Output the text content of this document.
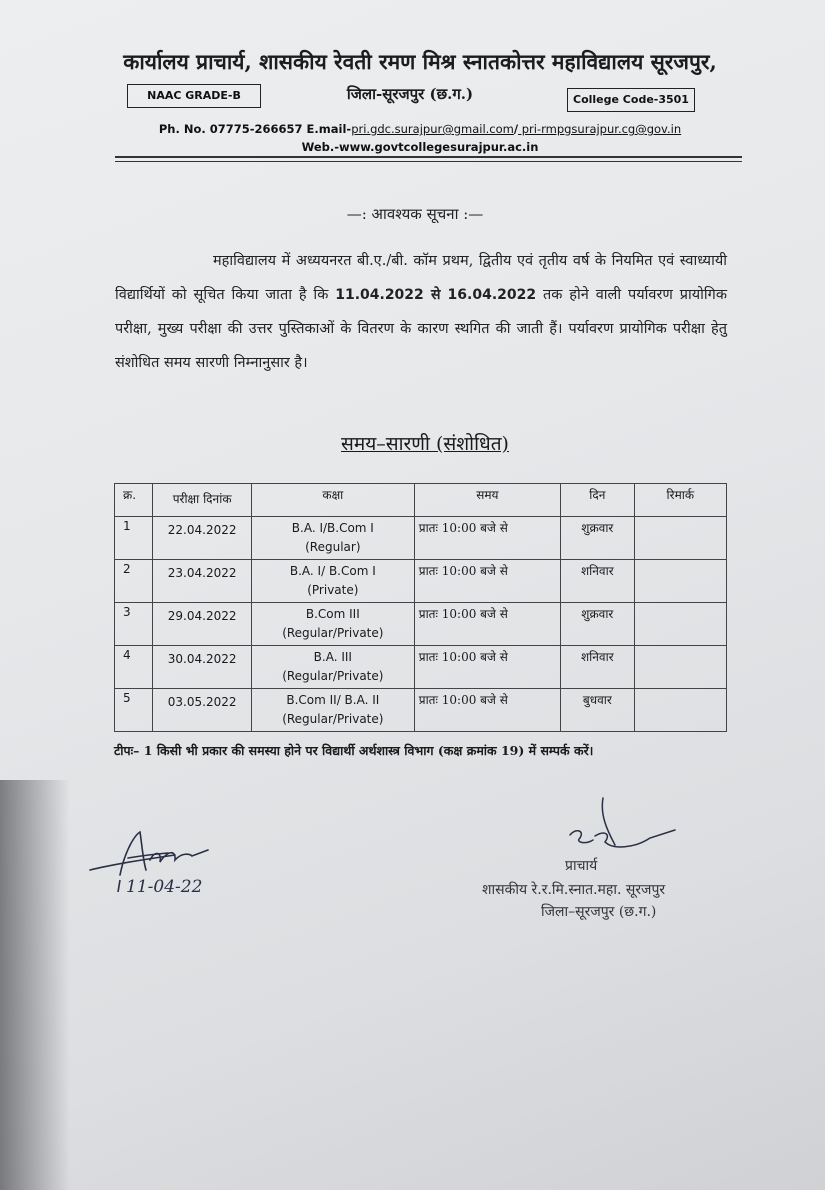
कार्यालय प्राचार्य, शासकीय रेवती रमण मिश्र स्नातकोत्तर महाविद्यालय सूरजपुर,
NAAC GRADE-B	जिला-सूरजपुर (छ.ग.)	College Code-3501
Ph. No. 07775-266657 E.mail-pri.gdc.surajpur@gmail.com/ pri-rmpgsurajpur.cg@gov.in
Web.-www.govtcollegesurajpur.ac.in
—: आवश्यक सूचना :—
महाविद्यालय में अध्ययनरत बी.ए./बी. कॉम प्रथम, द्वितीय एवं तृतीय वर्ष के नियमित एवं स्वाध्यायी विद्यार्थियों को सूचित किया जाता है कि 11.04.2022 से 16.04.2022 तक होने वाली पर्यावरण प्रायोगिक परीक्षा, मुख्य परीक्षा की उत्तर पुस्तिकाओं के वितरण के कारण स्थगित की जाती हैं। पर्यावरण प्रायोगिक परीक्षा हेतु संशोधित समय सारणी निम्नानुसार है।
समय–सारणी (संशोधित)
क्र.	परीक्षा दिनांक	कक्षा	समय	दिन	रिमार्क
1	22.04.2022	B.A. I/B.Com I
(Regular)	प्रातः 10:00 बजे से	शुक्रवार	
2	23.04.2022	B.A. I/ B.Com I
(Private)	प्रातः 10:00 बजे से	शनिवार	
3	29.04.2022	B.Com III
(Regular/Private)	प्रातः 10:00 बजे से	शुक्रवार	
4	30.04.2022	B.A. III
(Regular/Private)	प्रातः 10:00 बजे से	शनिवार	
5	03.05.2022	B.Com II/ B.A. II
(Regular/Private)	प्रातः 10:00 बजे से	बुधवार	
टीपः– 1 किसी भी प्रकार की समस्या होने पर विद्यार्थी अर्थशास्त्र विभाग (कक्ष क्रमांक 19) में सम्पर्क करें।
11-04-22
प्राचार्य
शासकीय रे.र.मि.स्नात.महा. सूरजपुर
जिला–सूरजपुर (छ.ग.)
